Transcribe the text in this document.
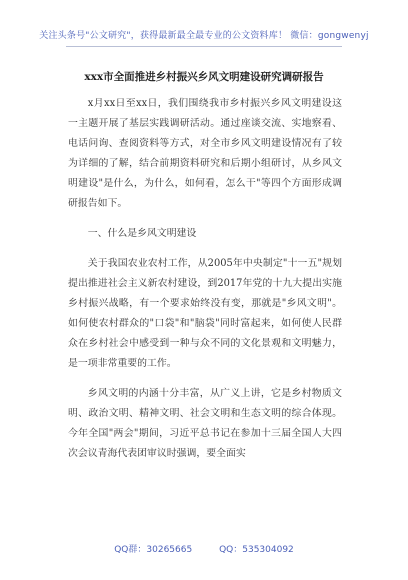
关注头条号"公文研究"，获得最新最全最专业的公文资料库！ 微信：gongwenyj
xxx市全面推进乡村振兴乡风文明建设研究调研报告

x月xx日至xx日，我们围绕我市乡村振兴乡风文明建设这一主题开展了基层实践调研活动。通过座谈交流、实地察看、电话问询、查阅资料等方式，对全市乡风文明建设情况有了较为详细的了解，结合前期资料研究和后期小组研讨，从乡风文明建设"是什么，为什么，如何看，怎么干"等四个方面形成调研报告如下。

一、什么是乡风文明建设

关于我国农业农村工作，从2005年中央制定"十一五"规划提出推进社会主义新农村建设，到2017年党的十九大提出实施乡村振兴战略，有一个要求始终没有变，那就是"乡风文明"。如何使农村群众的"口袋"和"脑袋"同时富起来，如何使人民群众在乡村社会中感受到一种与众不同的文化景观和文明魅力，是一项非常重要的工作。

乡风文明的内涵十分丰富，从广义上讲，它是乡村物质文明、政治文明、精神文明、社会文明和生态文明的综合体现。今年全国"两会"期间，习近平总书记在参加十三届全国人大四次会议青海代表团审议时强调，要全面实

QQ群：30265665	QQ：535304092
